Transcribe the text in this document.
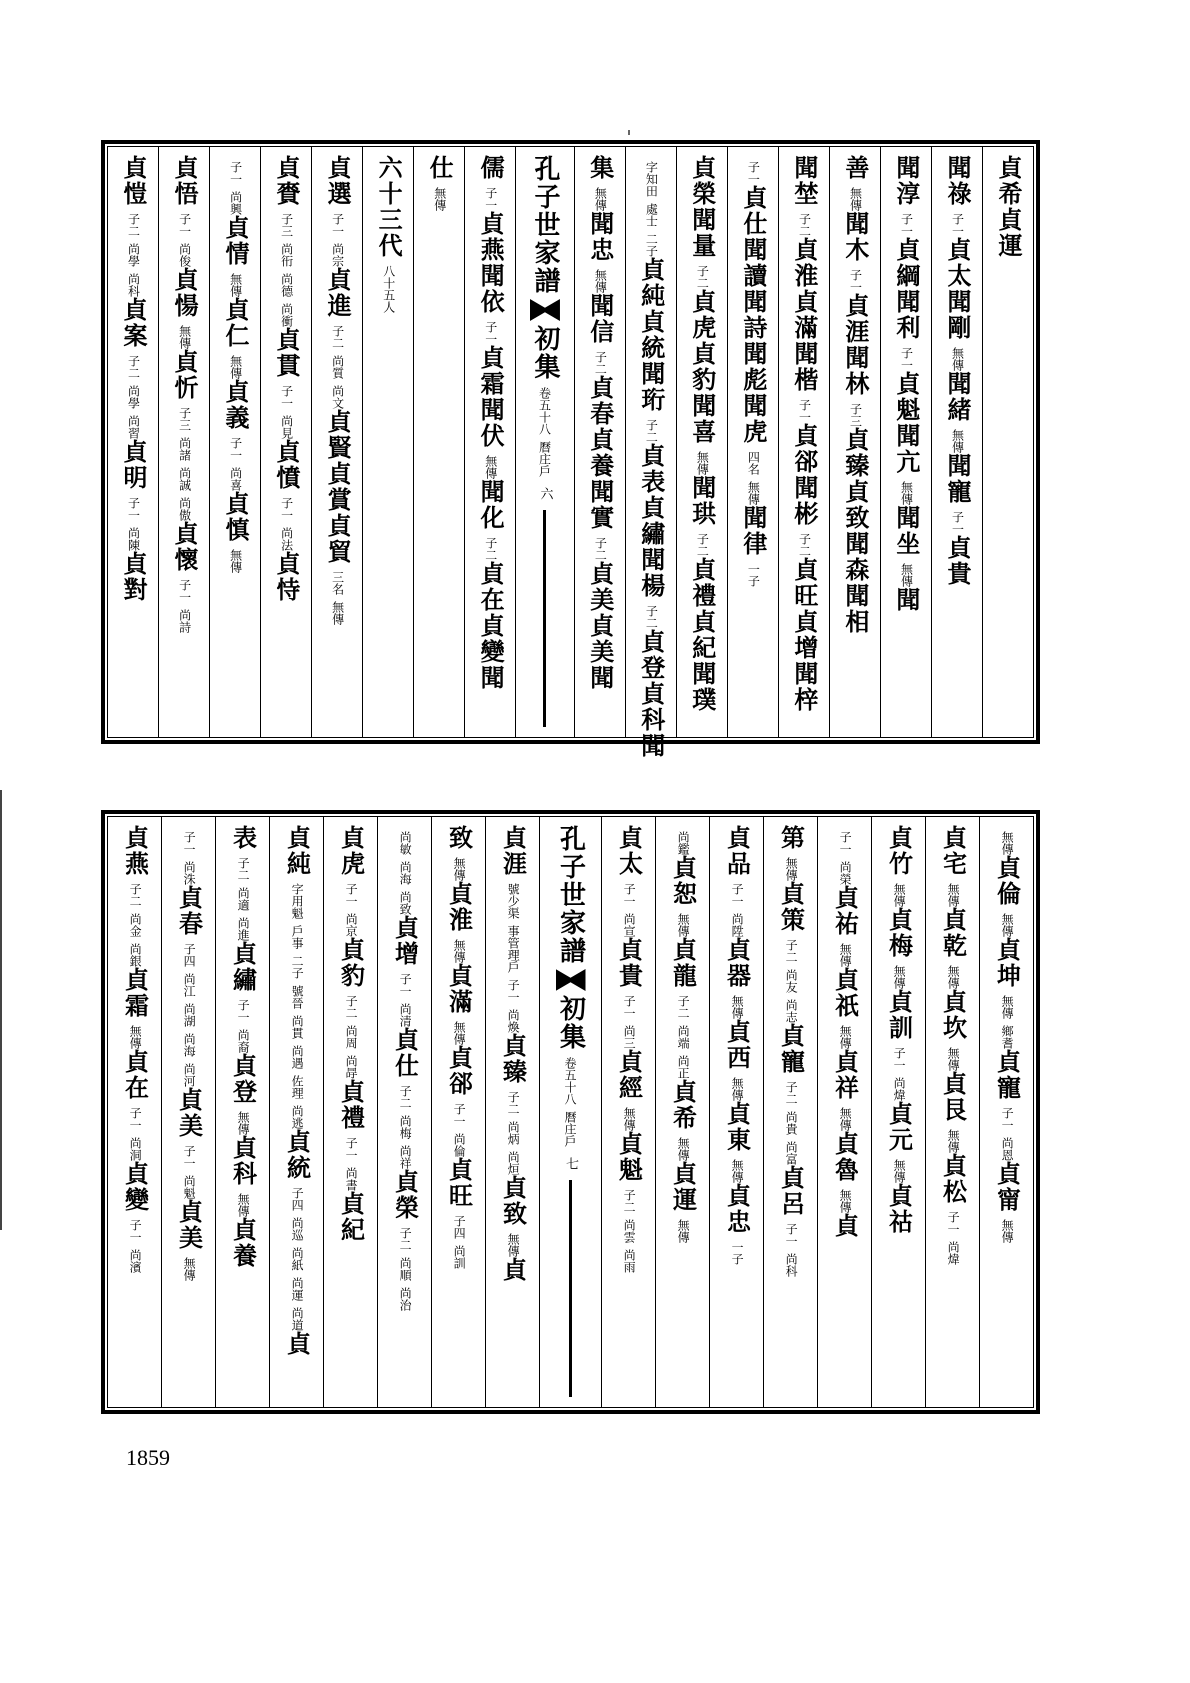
貞希
貞運
聞祿
子一
貞太
聞剛
無傳
聞緒
無傳
聞寵
子一
貞貴
聞淳
子一
貞綱
聞利
子一
貞魁
聞亢
無傳
聞坐
無傳
聞
善
無傳
聞木
子一
貞涯
聞林
子三
貞臻
貞致
聞森
聞相
聞埜
子二
貞淮
貞滿
聞楷
子一
貞郤
聞彬
子二
貞旺
貞增
聞梓
子一
貞仕
聞讀
聞詩
聞彪
聞虎
四名
無傳
聞律
一子
貞榮
聞量
子二
貞虎
貞豹
聞喜
無傳
聞珙
子二
貞禮
貞紀
聞璞
字知田
處士
二子
貞純
貞統
聞珩
子二
貞表
貞繡
聞楊
子二
貞登
貞科
聞
集
無傳
聞忠
無傳
聞信
子二
貞春
貞養
聞實
子二
貞美
貞美
聞
孔子世家譜
初集
卷五十八
曆庄戶
六
儒
子一
貞燕
聞依
子一
貞霜
聞伏
無傳
聞化
子二
貞在
貞變
聞
仕
無傳
六十三代
八十五人
貞選
子一
尚宗
貞進
子二
尚質
尚文
貞賢
貞賞
貞貿
三名
無傳
貞賚
子三
尚衎
尚德
尚衝
貞貫
子一
尚見
貞憤
子一
尚法
貞恃
子一
尚興
貞情
無傳
貞仁
無傳
貞義
子一
尚喜
貞慎
無傳
貞悟
子一
尚俊
貞愓
無傳
貞忻
子三
尚諸
尚誠
尚傲
貞懷
子一
尚詩
貞愷
子二
尚學
尚科
貞案
子二
尚學
尚習
貞明
子一
尚陳
貞對
無傳
貞倫
無傳
貞坤
無傳
鄉耆
貞寵
子一
尚恩
貞甯
無傳
貞宅
無傳
貞乾
無傳
貞坎
無傳
貞艮
無傳
貞松
子一
尚煒
貞竹
無傳
貞梅
無傳
貞訓
子一
尚煒
貞元
無傳
貞祜
子一
尚榮
貞祐
無傳
貞祇
無傳
貞祥
無傳
貞魯
無傳
貞
第
無傳
貞策
子二
尚友
尚志
貞寵
子二
尚貴
尚富
貞呂
子一
尚科
貞品
子一
尚陞
貞器
無傳
貞西
無傳
貞東
無傳
貞忠
一子
尚鑑
貞恕
無傳
貞龍
子二
尚端
尚正
貞希
無傳
貞運
無傳
貞太
子一
尚宣
貞貴
子一
尚三
貞經
無傳
貞魁
子二
尚雲
尚雨
孔子世家譜
初集
卷五十八
曆庄戶
七
貞涯
號少渠
事管理戶
子一
尚煥
貞臻
子二
尚炳
尚烜
貞致
無傳
貞
致
無傳
貞淮
無傳
貞滿
無傳
貞郤
子一
尚倫
貞旺
子四
尚訓
尚敏
尚海
尚致
貞增
子一
尚清
貞仕
子二
尚梅
尚祥
貞榮
子二
尚順
尚治
貞虎
子一
尚京
貞豹
子二
尚周
尚冔
貞禮
子一
尚書
貞紀
貞純
字用魁
戶事
二子
號晉
尚貫
尚遇
佐理
尚逃
貞統
子四
尚巡
尚紙
尚運
尚道
貞
表
子二
尚適
尚進
貞繡
子一
尚裔
貞登
無傳
貞科
無傳
貞養
子一
尚洙
貞春
子四
尚江
尚湖
尚海
尚河
貞美
子一
尚魁
貞美
無傳
貞燕
子二
尚金
尚銀
貞霜
無傳
貞在
子一
尚洞
貞變
子一
尚濱
1859
